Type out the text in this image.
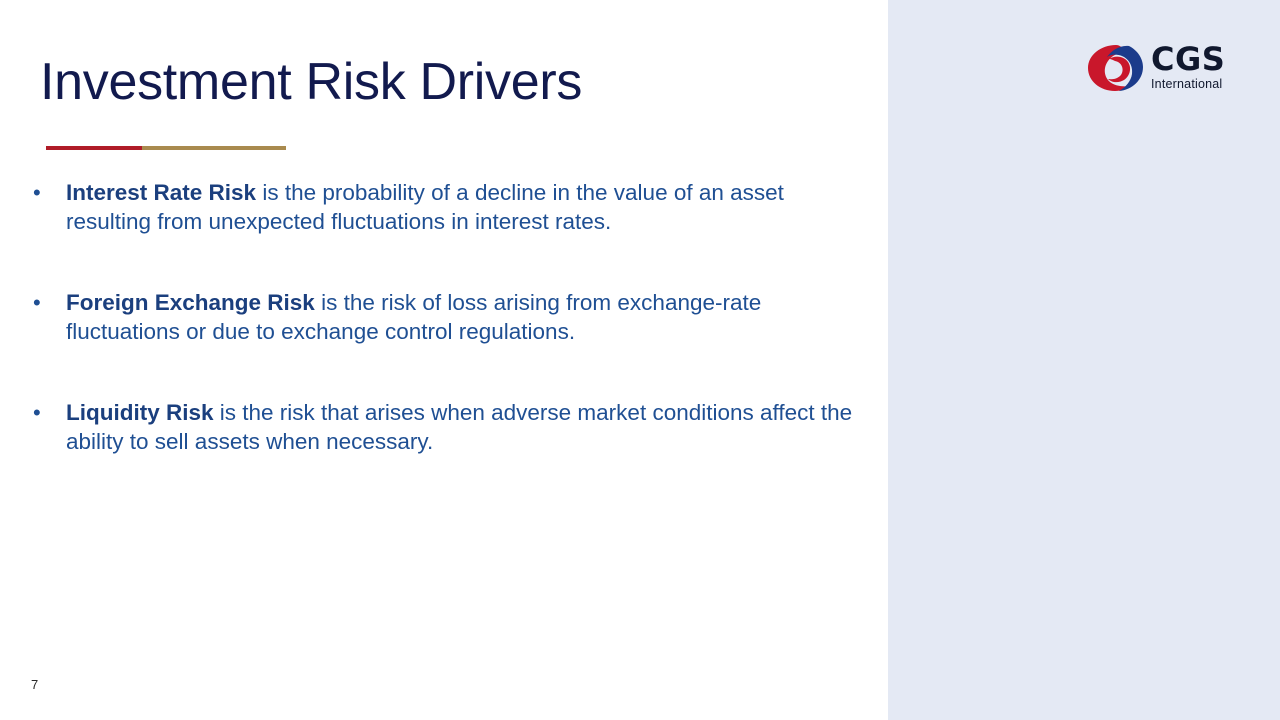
CGS
International
Investment Risk Drivers
•	Interest Rate Risk is the probability of a decline in the value of an asset resulting from unexpected fluctuations in interest rates.
•	Foreign Exchange Risk is the risk of loss arising from exchange-rate fluctuations or due to exchange control regulations.
•	Liquidity Risk is the risk that arises when adverse market conditions affect the ability to sell assets when necessary.
7
